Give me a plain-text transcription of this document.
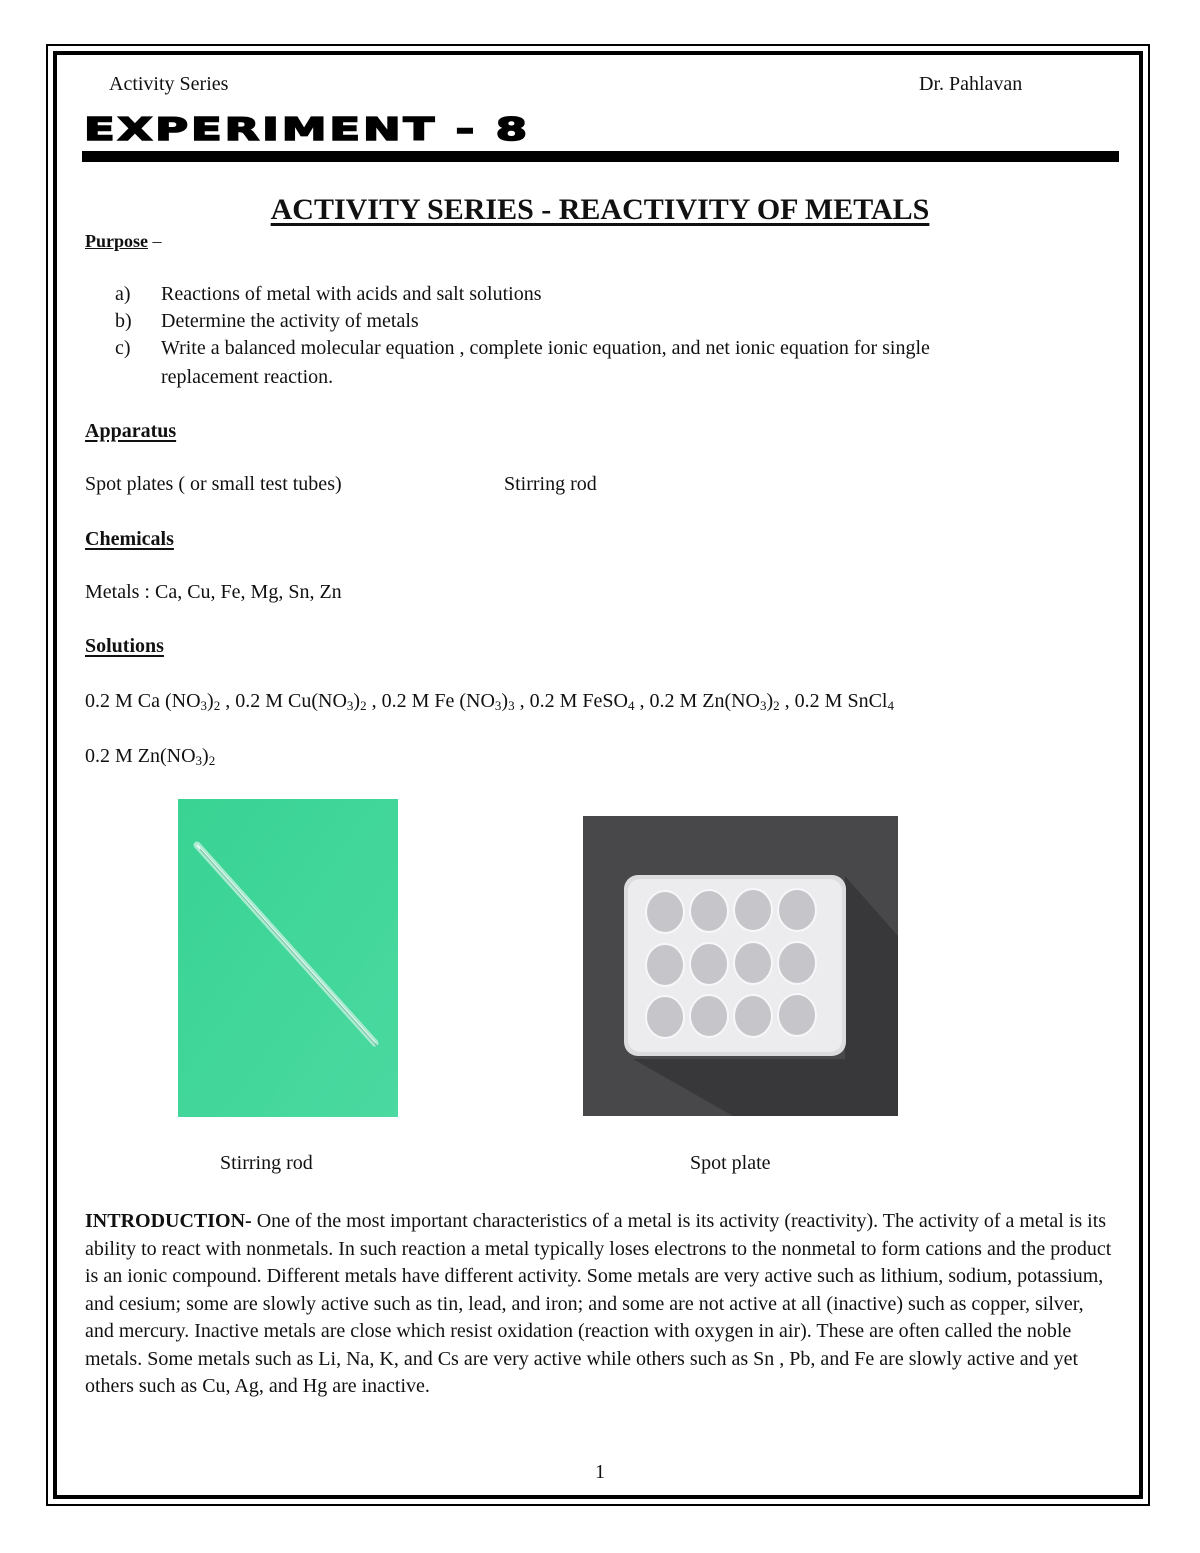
Activity Series	Dr. Pahlavan
EXPERIMENT - 8
ACTIVITY SERIES - REACTIVITY OF METALS
Purpose –
a) Reactions of metal with acids and salt solutions
b) Determine the activity of metals
c) Write a balanced molecular equation , complete ionic equation, and net ionic equation for single
replacement reaction.
Apparatus
Spot plates ( or small test tubes)	Stirring rod
Chemicals
Metals : Ca, Cu, Fe, Mg, Sn, Zn
Solutions
0.2 M Ca $(NO_3)_2$ , 0.2 M $Cu(NO_3)_2$ , 0.2 M Fe $(NO_3)_3$ , 0.2 M FeSO$_4$ , 0.2 M $Zn(NO_3)_2$ , 0.2 M SnCl$_4$
0.2 M $Zn(NO_3)_2$
Stirring rod	Spot plate
INTRODUCTION- One of the most important characteristics of a metal is its activity (reactivity). The activity of a metal is its ability to react with nonmetals. In such reaction a metal typically loses electrons to the nonmetal to form cations and the product is an ionic compound. Different metals have different activity. Some metals are very active such as lithium, sodium, potassium, and cesium; some are slowly active such as tin, lead, and iron; and some are not active at all (inactive) such as copper, silver, and mercury. Inactive metals are close which resist oxidation (reaction with oxygen in air). These are often called the noble metals. Some metals such as Li, Na, K, and Cs are very active while others such as Sn , Pb, and Fe are slowly active and yet others such as Cu, Ag, and Hg are inactive.
1
